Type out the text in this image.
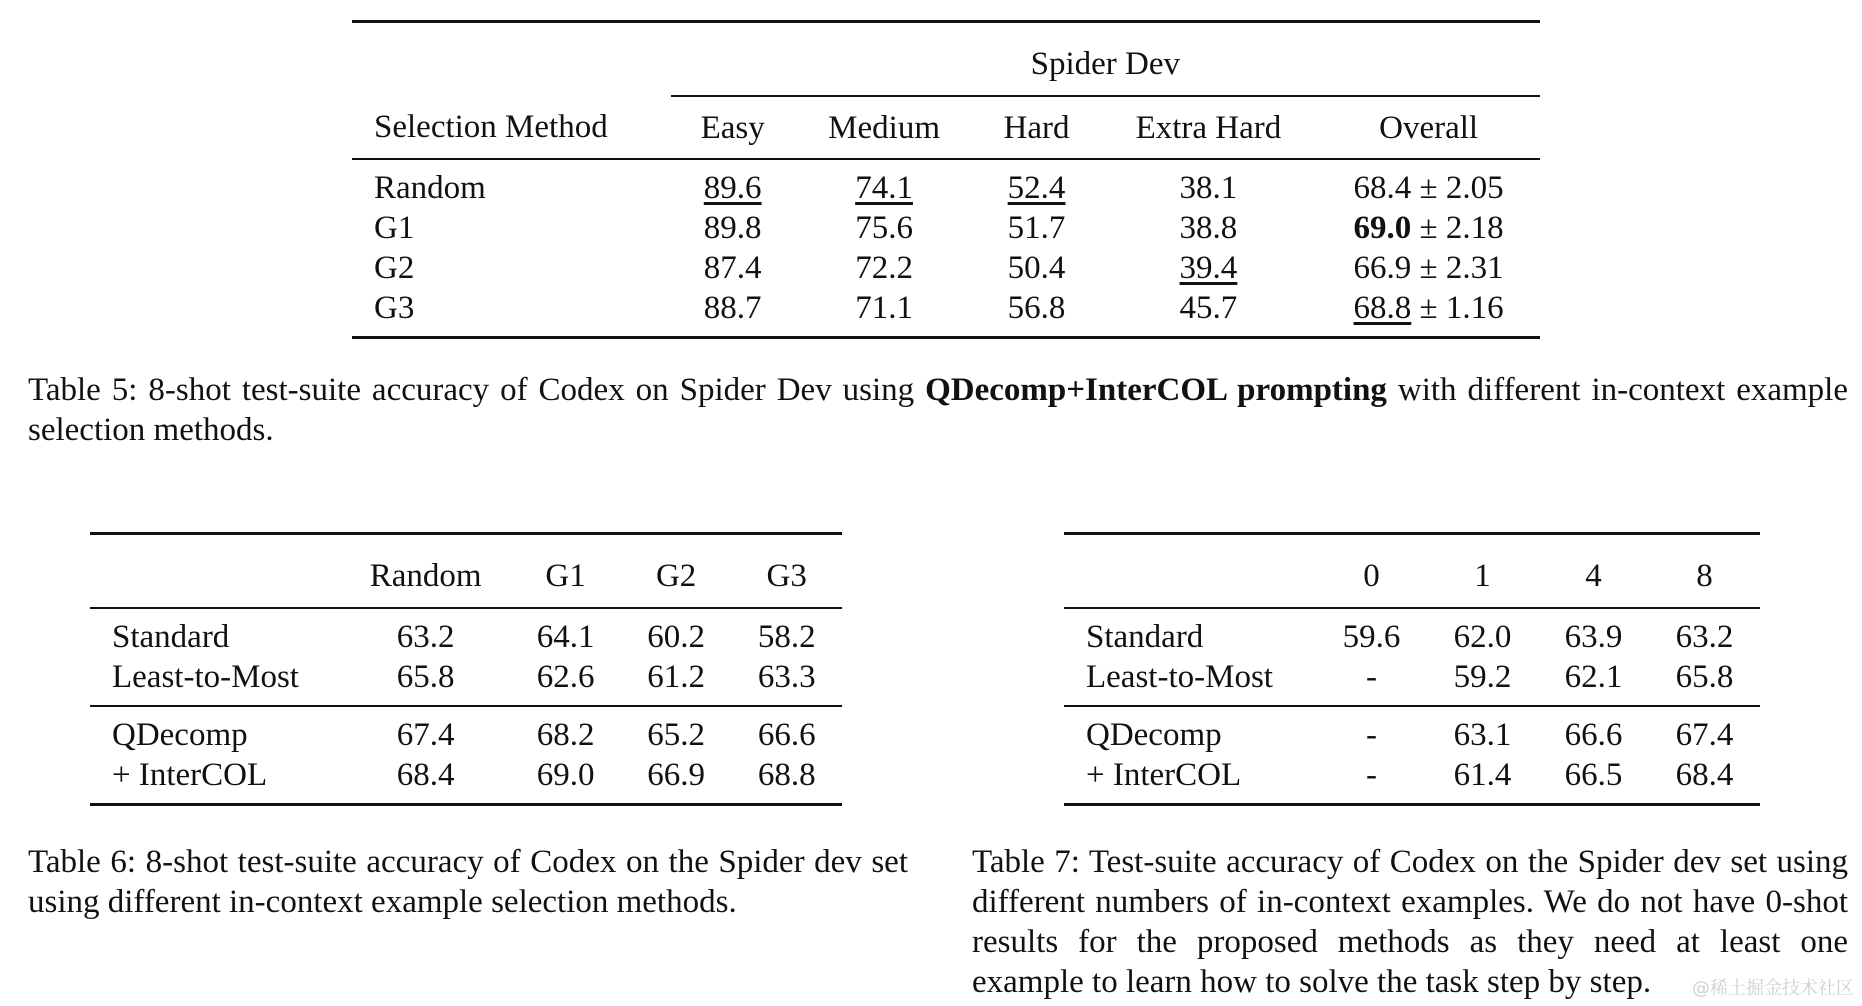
	Spider Dev				
Selection Method	Easy	Medium	Hard	Extra Hard	Overall
Random	89.6	74.1	52.4	38.1	68.4 ± 2.05
G1	89.8	75.6	51.7	38.8	69.0 ± 2.18
G2	87.4	72.2	50.4	39.4	66.9 ± 2.31
G3	88.7	71.1	56.8	45.7	68.8 ± 1.16

Table 5: 8-shot test-suite accuracy of Codex on Spider Dev using QDecomp+InterCOL prompting with different in-context example selection methods.

	Random	G1	G2	G3
Standard	63.2	64.1	60.2	58.2
Least-to-Most	65.8	62.6	61.2	63.3
QDecomp	67.4	68.2	65.2	66.6
+ InterCOL	68.4	69.0	66.9	68.8

Table 6: 8-shot test-suite accuracy of Codex on the Spider dev set using different in-context example selection methods.

	0	1	4	8
Standard	59.6	62.0	63.9	63.2
Least-to-Most	-	59.2	62.1	65.8
QDecomp	-	63.1	66.6	67.4
+ InterCOL	-	61.4	66.5	68.4

Table 7: Test-suite accuracy of Codex on the Spider dev set using different numbers of in-context examples. We do not have 0-shot results for the proposed methods as they need at least one example to learn how to solve the task step by step.	@稀土掘金技术社区
